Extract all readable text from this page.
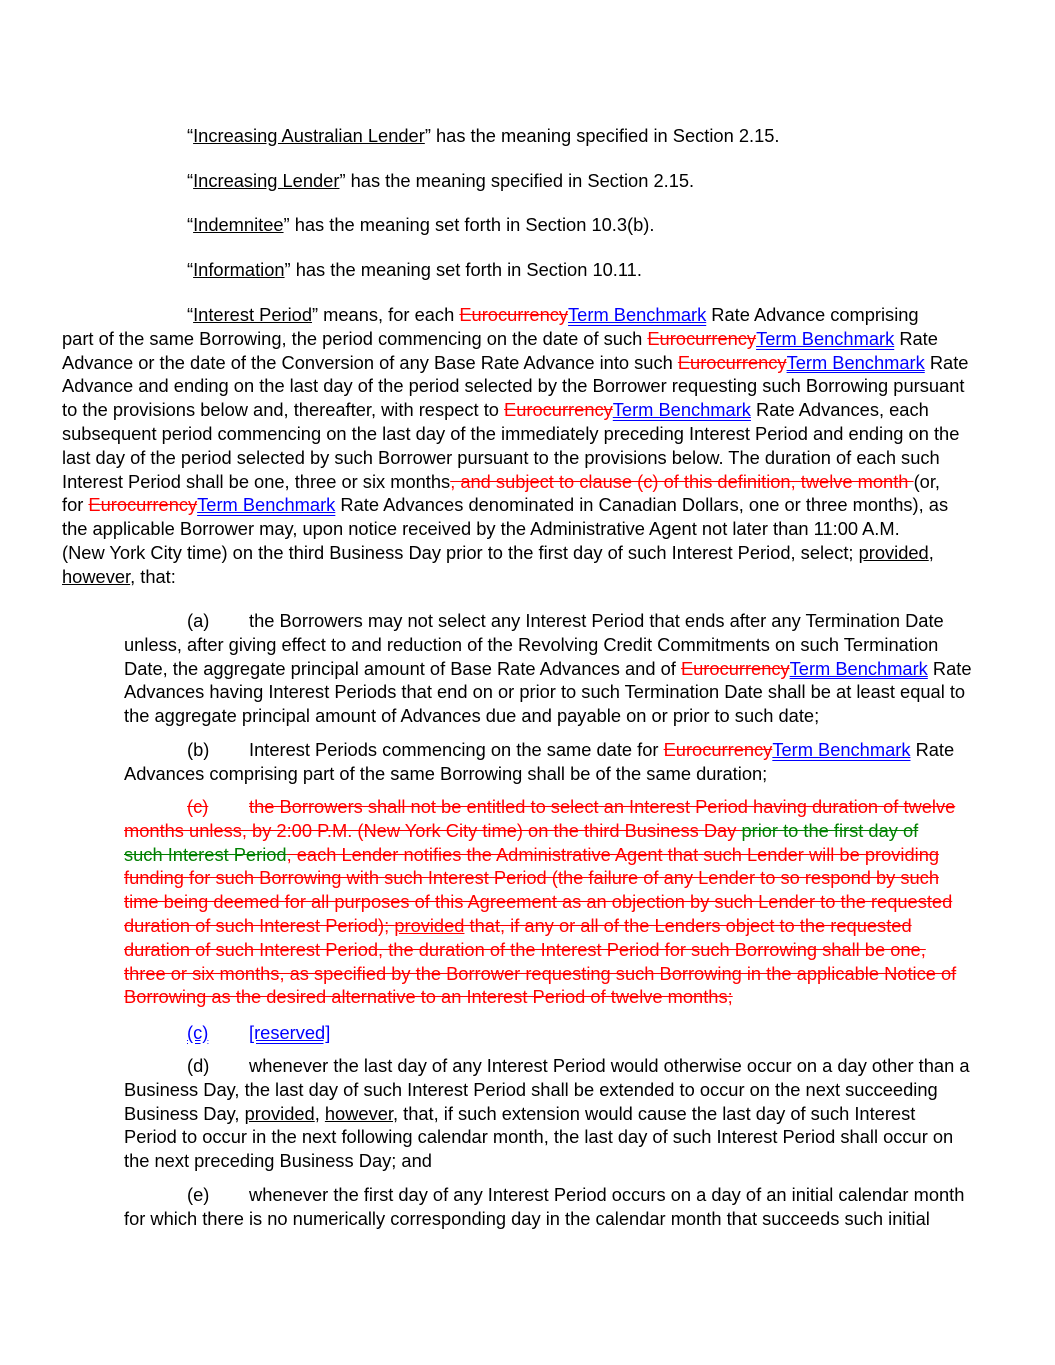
“Increasing Australian Lender” has the meaning specified in Section 2.15.
“Increasing Lender” has the meaning specified in Section 2.15.
“Indemnitee” has the meaning set forth in Section 10.3(b).
“Information” has the meaning set forth in Section 10.11.
“Interest Period” means, for each EurocurrencyTerm Benchmark Rate Advance comprising
part of the same Borrowing, the period commencing on the date of such EurocurrencyTerm Benchmark Rate
Advance or the date of the Conversion of any Base Rate Advance into such EurocurrencyTerm Benchmark Rate
Advance and ending on the last day of the period selected by the Borrower requesting such Borrowing pursuant
to the provisions below and, thereafter, with respect to EurocurrencyTerm Benchmark Rate Advances, each
subsequent period commencing on the last day of the immediately preceding Interest Period and ending on the
last day of the period selected by such Borrower pursuant to the provisions below. The duration of each such
Interest Period shall be one, three or six months, and subject to clause (c) of this definition, twelve month (or,
for EurocurrencyTerm Benchmark Rate Advances denominated in Canadian Dollars, one or three months), as
the applicable Borrower may, upon notice received by the Administrative Agent not later than 11:00 A.M.
(New York City time) on the third Business Day prior to the first day of such Interest Period, select; provided,
however, that:
(a) the Borrowers may not select any Interest Period that ends after any Termination Date
unless, after giving effect to and reduction of the Revolving Credit Commitments on such Termination
Date, the aggregate principal amount of Base Rate Advances and of EurocurrencyTerm Benchmark Rate
Advances having Interest Periods that end on or prior to such Termination Date shall be at least equal to
the aggregate principal amount of Advances due and payable on or prior to such date;
(b) Interest Periods commencing on the same date for EurocurrencyTerm Benchmark Rate
Advances comprising part of the same Borrowing shall be of the same duration;
(c) the Borrowers shall not be entitled to select an Interest Period having duration of twelve
months unless, by 2:00 P.M. (New York City time) on the third Business Day prior to the first day of
such Interest Period, each Lender notifies the Administrative Agent that such Lender will be providing
funding for such Borrowing with such Interest Period (the failure of any Lender to so respond by such
time being deemed for all purposes of this Agreement as an objection by such Lender to the requested
duration of such Interest Period); provided that, if any or all of the Lenders object to the requested
duration of such Interest Period, the duration of the Interest Period for such Borrowing shall be one,
three or six months, as specified by the Borrower requesting such Borrowing in the applicable Notice of
Borrowing as the desired alternative to an Interest Period of twelve months;
(c) [reserved]
(d) whenever the last day of any Interest Period would otherwise occur on a day other than a
Business Day, the last day of such Interest Period shall be extended to occur on the next succeeding
Business Day, provided, however, that, if such extension would cause the last day of such Interest
Period to occur in the next following calendar month, the last day of such Interest Period shall occur on
the next preceding Business Day; and
(e) whenever the first day of any Interest Period occurs on a day of an initial calendar month
for which there is no numerically corresponding day in the calendar month that succeeds such initial
